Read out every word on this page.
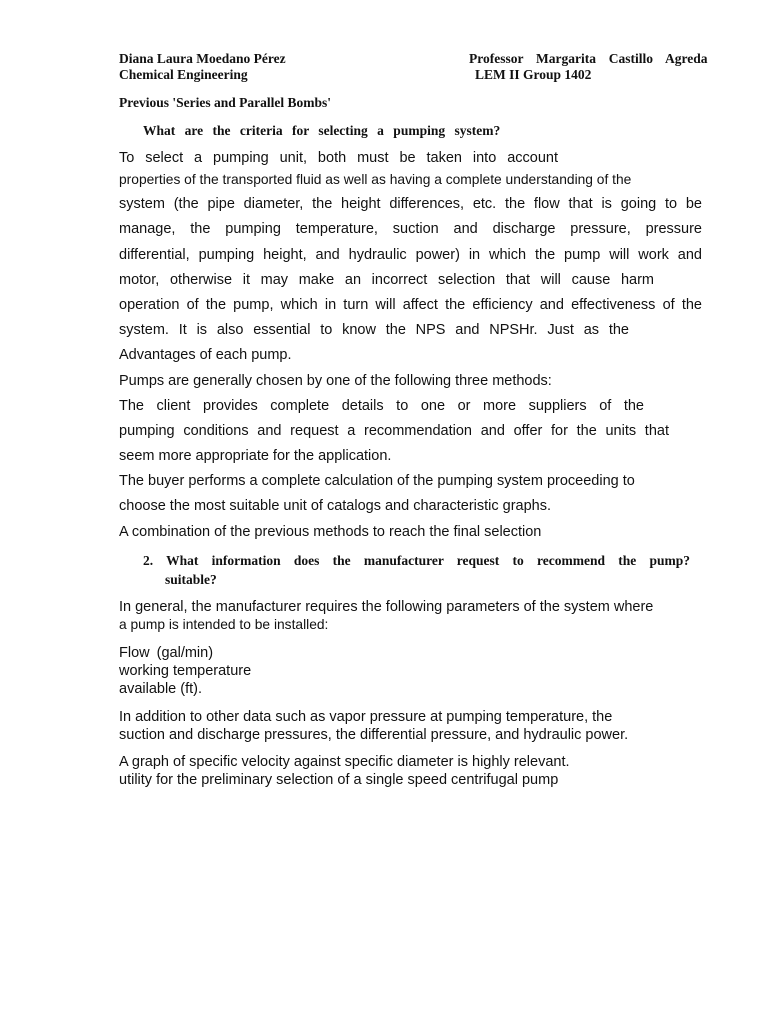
Diana Laura Moedano Pérez
Chemical Engineering
Professor  Margarita  Castillo  Agreda
LEM II Group 1402
Previous 'Series and Parallel Bombs'
What are the criteria for selecting a pumping system?
To select a pumping unit, both must be taken into account
properties of the transported fluid as well as having a complete understanding of the
system (the pipe diameter, the height differences, etc. the flow that is going to be
manage, the pumping temperature, suction and discharge pressure, pressure
differential, pumping height, and hydraulic power) in which the pump will work and
motor, otherwise it may make an incorrect selection that will cause harm
operation of the pump, which in turn will affect the efficiency and effectiveness of the
system. It is also essential to know the NPS and NPSHr. Just as the
Advantages of each pump.
Pumps are generally chosen by one of the following three methods:
The client provides complete details to one or more suppliers of the
pumping conditions and request a recommendation and offer for the units that
seem more appropriate for the application.
The buyer performs a complete calculation of the pumping system proceeding to
choose the most suitable unit of catalogs and characteristic graphs.
A combination of the previous methods to reach the final selection
2. What information does the manufacturer request to recommend the pump?
suitable?
In general, the manufacturer requires the following parameters of the system where
a pump is intended to be installed:
Flow (gal/min)
working temperature
available (ft).
In addition to other data such as vapor pressure at pumping temperature, the
suction and discharge pressures, the differential pressure, and hydraulic power.
A graph of specific velocity against specific diameter is highly relevant.
utility for the preliminary selection of a single speed centrifugal pump
